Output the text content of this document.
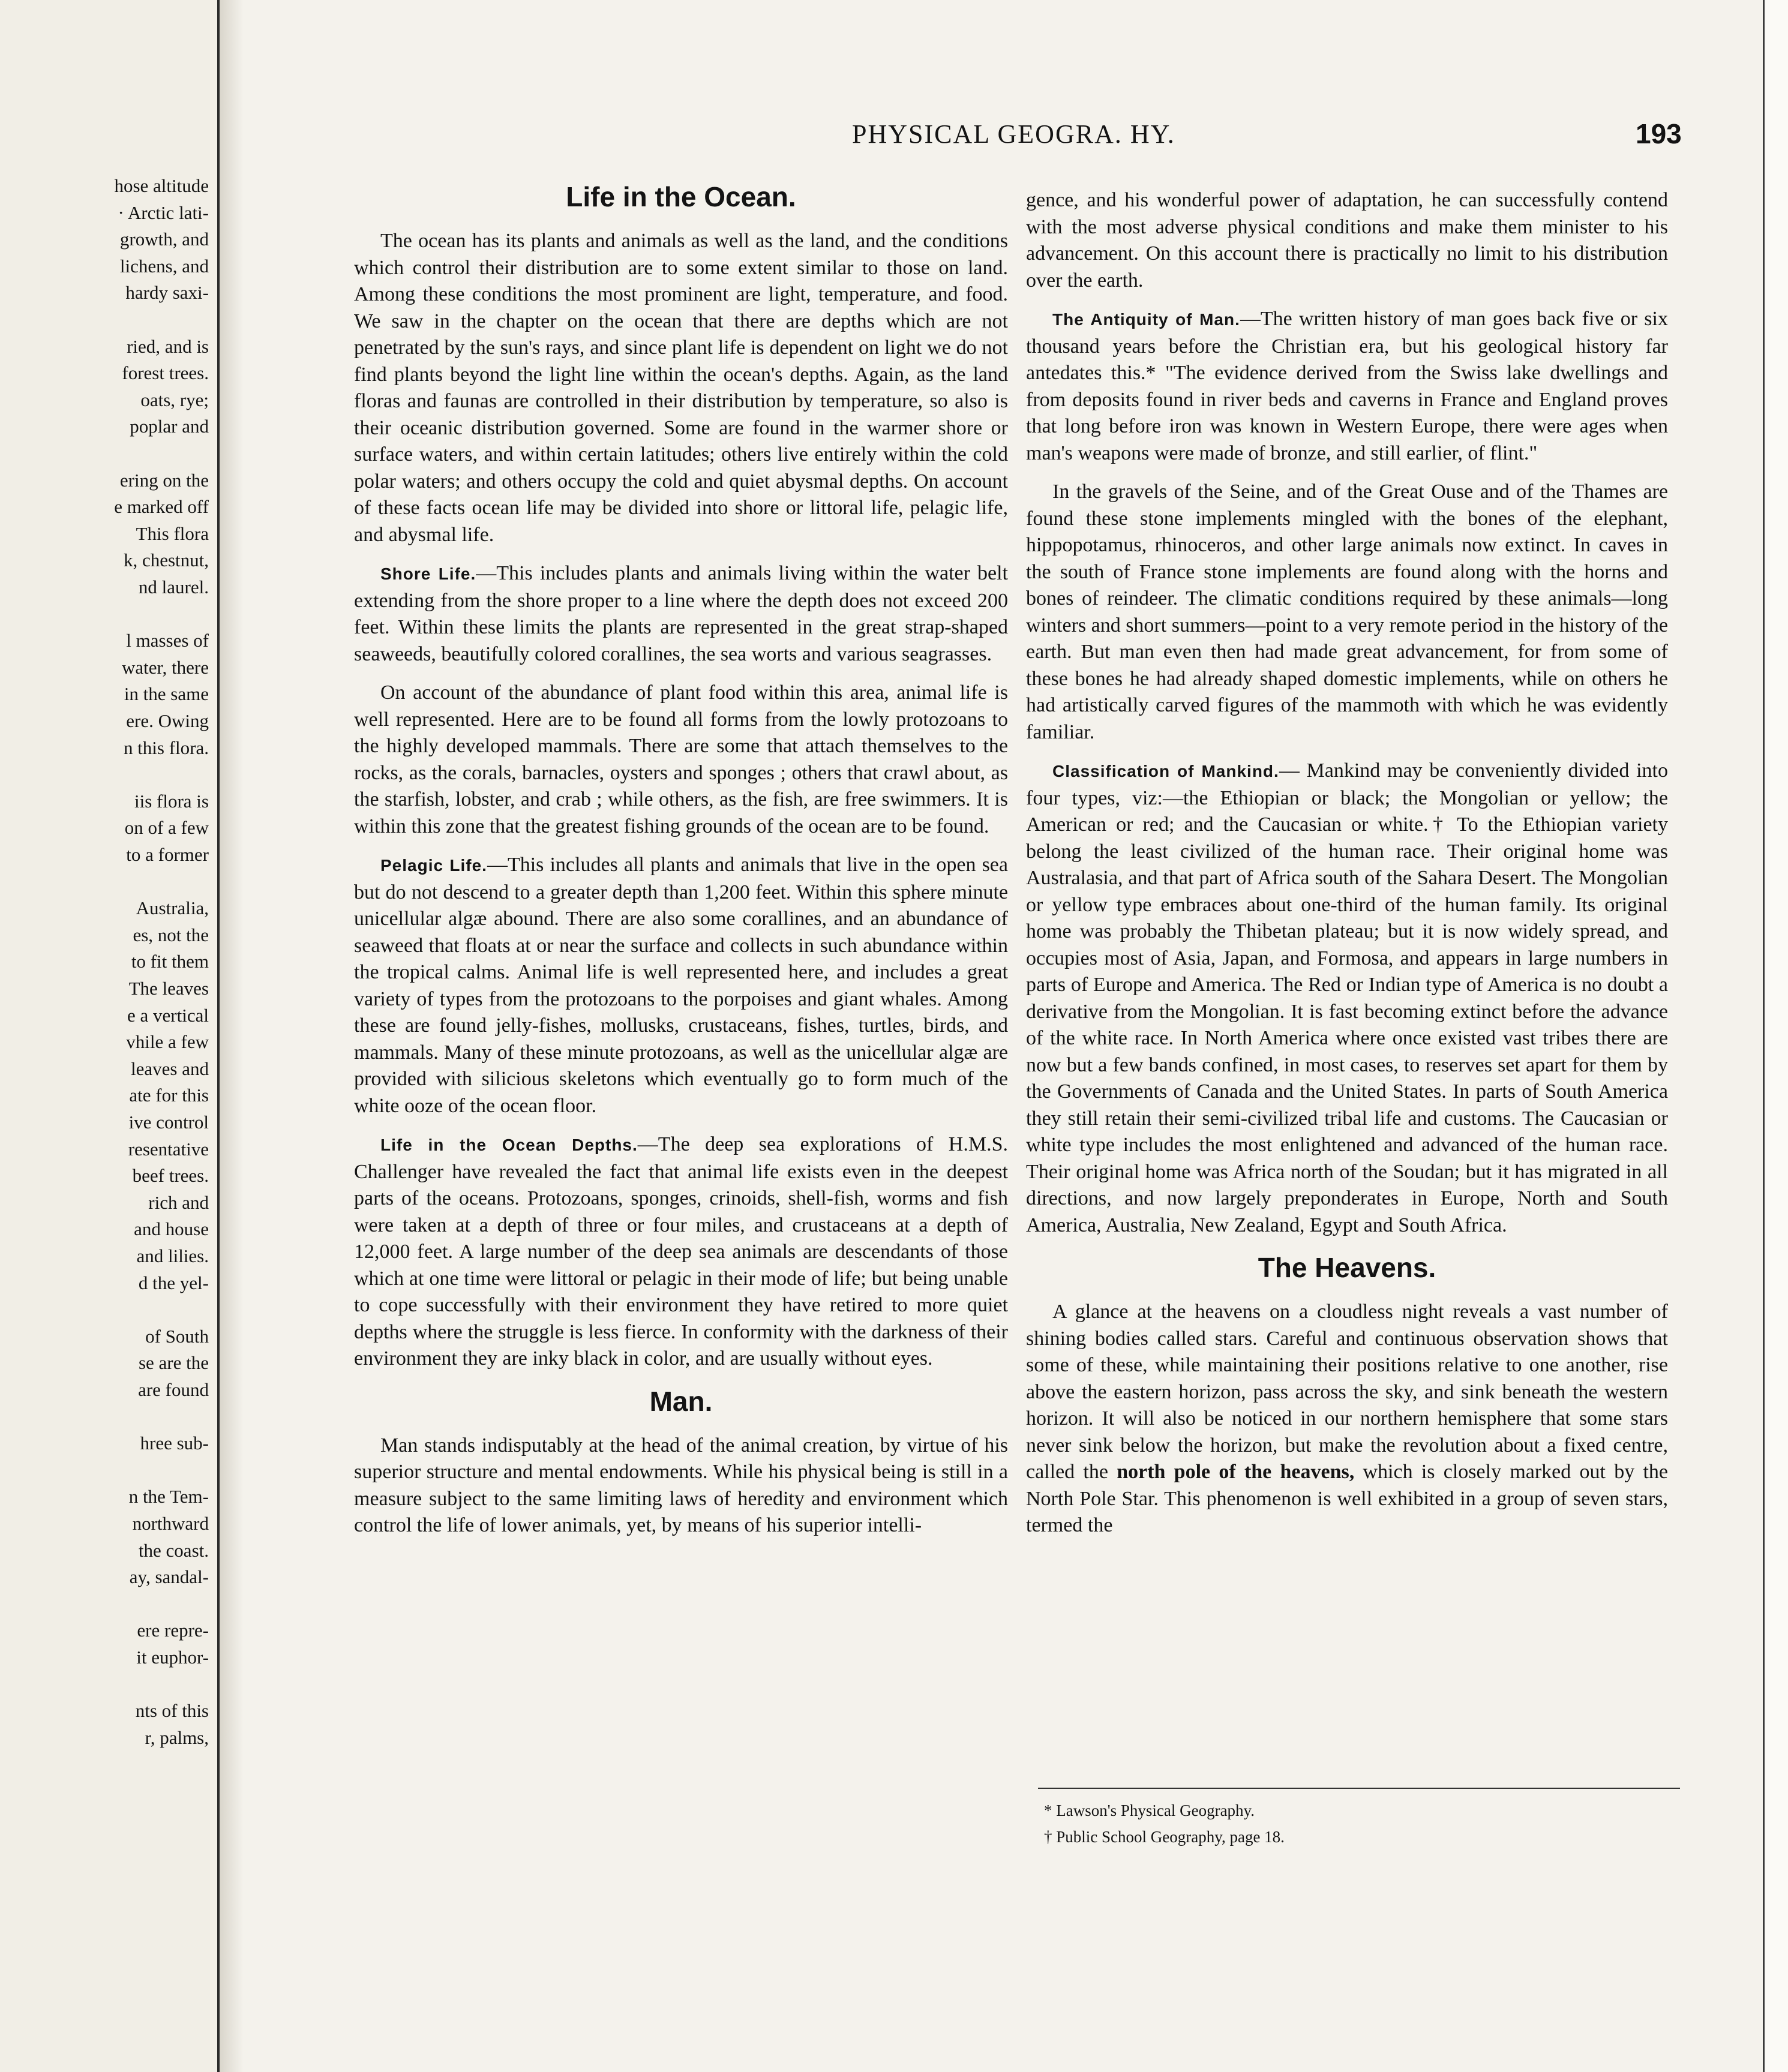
hose altitude
· Arctic lati-
growth, and
lichens, and
hardy saxi-
ried, and is
forest trees.
oats, rye;
poplar and
ering on the
e marked off
This flora
k, chestnut,
nd laurel.
l masses of
water, there
in the same
ere. Owing
n this flora.
iis flora is
on of a few
to a former
Australia,
es, not the
to fit them
The leaves
e a vertical
vhile a few
leaves and
ate for this
ive control
resentative
beef trees.
rich and
and house
and lilies.
d the yel-
of South
se are the
are found
hree sub-
n the Tem-
northward
the coast.
ay, sandal-
ere repre-
it euphor-
nts of this
r, palms,
PHYSICAL GEOGRA. HY.	193
Life in the Ocean.

The ocean has its plants and animals as well as the land, and the conditions which control their distribution are to some extent similar to those on land. Among these conditions the most prominent are light, temperature, and food. We saw in the chapter on the ocean that there are depths which are not penetrated by the sun's rays, and since plant life is dependent on light we do not find plants beyond the light line within the ocean's depths. Again, as the land floras and faunas are controlled in their distribution by temperature, so also is their oceanic distribution governed. Some are found in the warmer shore or surface waters, and within certain latitudes; others live entirely within the cold polar waters; and others occupy the cold and quiet abysmal depths. On account of these facts ocean life may be divided into shore or littoral life, pelagic life, and abysmal life.

Shore Life.—This includes plants and animals living within the water belt extending from the shore proper to a line where the depth does not exceed 200 feet. Within these limits the plants are represented in the great strap-shaped seaweeds, beautifully colored corallines, the sea worts and various seagrasses.

On account of the abundance of plant food within this area, animal life is well represented. Here are to be found all forms from the lowly protozoans to the highly developed mammals. There are some that attach themselves to the rocks, as the corals, barnacles, oysters and sponges ; others that crawl about, as the starfish, lobster, and crab ; while others, as the fish, are free swimmers. It is within this zone that the greatest fishing grounds of the ocean are to be found.

Pelagic Life.—This includes all plants and animals that live in the open sea but do not descend to a greater depth than 1,200 feet. Within this sphere minute unicellular algæ abound. There are also some corallines, and an abundance of seaweed that floats at or near the surface and collects in such abundance within the tropical calms. Animal life is well represented here, and includes a great variety of types from the protozoans to the porpoises and giant whales. Among these are found jelly-fishes, mollusks, crustaceans, fishes, turtles, birds, and mammals. Many of these minute protozoans, as well as the unicellular algæ are provided with silicious skeletons which eventually go to form much of the white ooze of the ocean floor.

Life in the Ocean Depths.—The deep sea explorations of H.M.S. Challenger have revealed the fact that animal life exists even in the deepest parts of the oceans. Protozoans, sponges, crinoids, shell-fish, worms and fish were taken at a depth of three or four miles, and crustaceans at a depth of 12,000 feet. A large number of the deep sea animals are descendants of those which at one time were littoral or pelagic in their mode of life; but being unable to cope successfully with their environment they have retired to more quiet depths where the struggle is less fierce. In conformity with the darkness of their environment they are inky black in color, and are usually without eyes.

Man.

Man stands indisputably at the head of the animal creation, by virtue of his superior structure and mental endowments. While his physical being is still in a measure subject to the same limiting laws of heredity and environment which control the life of lower animals, yet, by means of his superior intelli-

gence, and his wonderful power of adaptation, he can successfully contend with the most adverse physical conditions and make them minister to his advancement. On this account there is practically no limit to his distribution over the earth.

The Antiquity of Man.—The written history of man goes back five or six thousand years before the Christian era, but his geological history far antedates this.* "The evidence derived from the Swiss lake dwellings and from deposits found in river beds and caverns in France and England proves that long before iron was known in Western Europe, there were ages when man's weapons were made of bronze, and still earlier, of flint."

In the gravels of the Seine, and of the Great Ouse and of the Thames are found these stone implements mingled with the bones of the elephant, hippopotamus, rhinoceros, and other large animals now extinct. In caves in the south of France stone implements are found along with the horns and bones of reindeer. The climatic conditions required by these animals—long winters and short summers—point to a very remote period in the history of the earth. But man even then had made great advancement, for from some of these bones he had already shaped domestic implements, while on others he had artistically carved figures of the mammoth with which he was evidently familiar.

Classification of Mankind.— Mankind may be conveniently divided into four types, viz:—the Ethiopian or black; the Mongolian or yellow; the American or red; and the Caucasian or white.† To the Ethiopian variety belong the least civilized of the human race. Their original home was Australasia, and that part of Africa south of the Sahara Desert. The Mongolian or yellow type embraces about one-third of the human family. Its original home was probably the Thibetan plateau; but it is now widely spread, and occupies most of Asia, Japan, and Formosa, and appears in large numbers in parts of Europe and America. The Red or Indian type of America is no doubt a derivative from the Mongolian. It is fast becoming extinct before the advance of the white race. In North America where once existed vast tribes there are now but a few bands confined, in most cases, to reserves set apart for them by the Governments of Canada and the United States. In parts of South America they still retain their semi-civilized tribal life and customs. The Caucasian or white type includes the most enlightened and advanced of the human race. Their original home was Africa north of the Soudan; but it has migrated in all directions, and now largely preponderates in Europe, North and South America, Australia, New Zealand, Egypt and South Africa.

The Heavens.

A glance at the heavens on a cloudless night reveals a vast number of shining bodies called stars. Careful and continuous observation shows that some of these, while maintaining their positions relative to one another, rise above the eastern horizon, pass across the sky, and sink beneath the western horizon. It will also be noticed in our northern hemisphere that some stars never sink below the horizon, but make the revolution about a fixed centre, called the north pole of the heavens, which is closely marked out by the North Pole Star. This phenomenon is well exhibited in a group of seven stars, termed the

* Lawson's Physical Geography.
† Public School Geography, page 18.
